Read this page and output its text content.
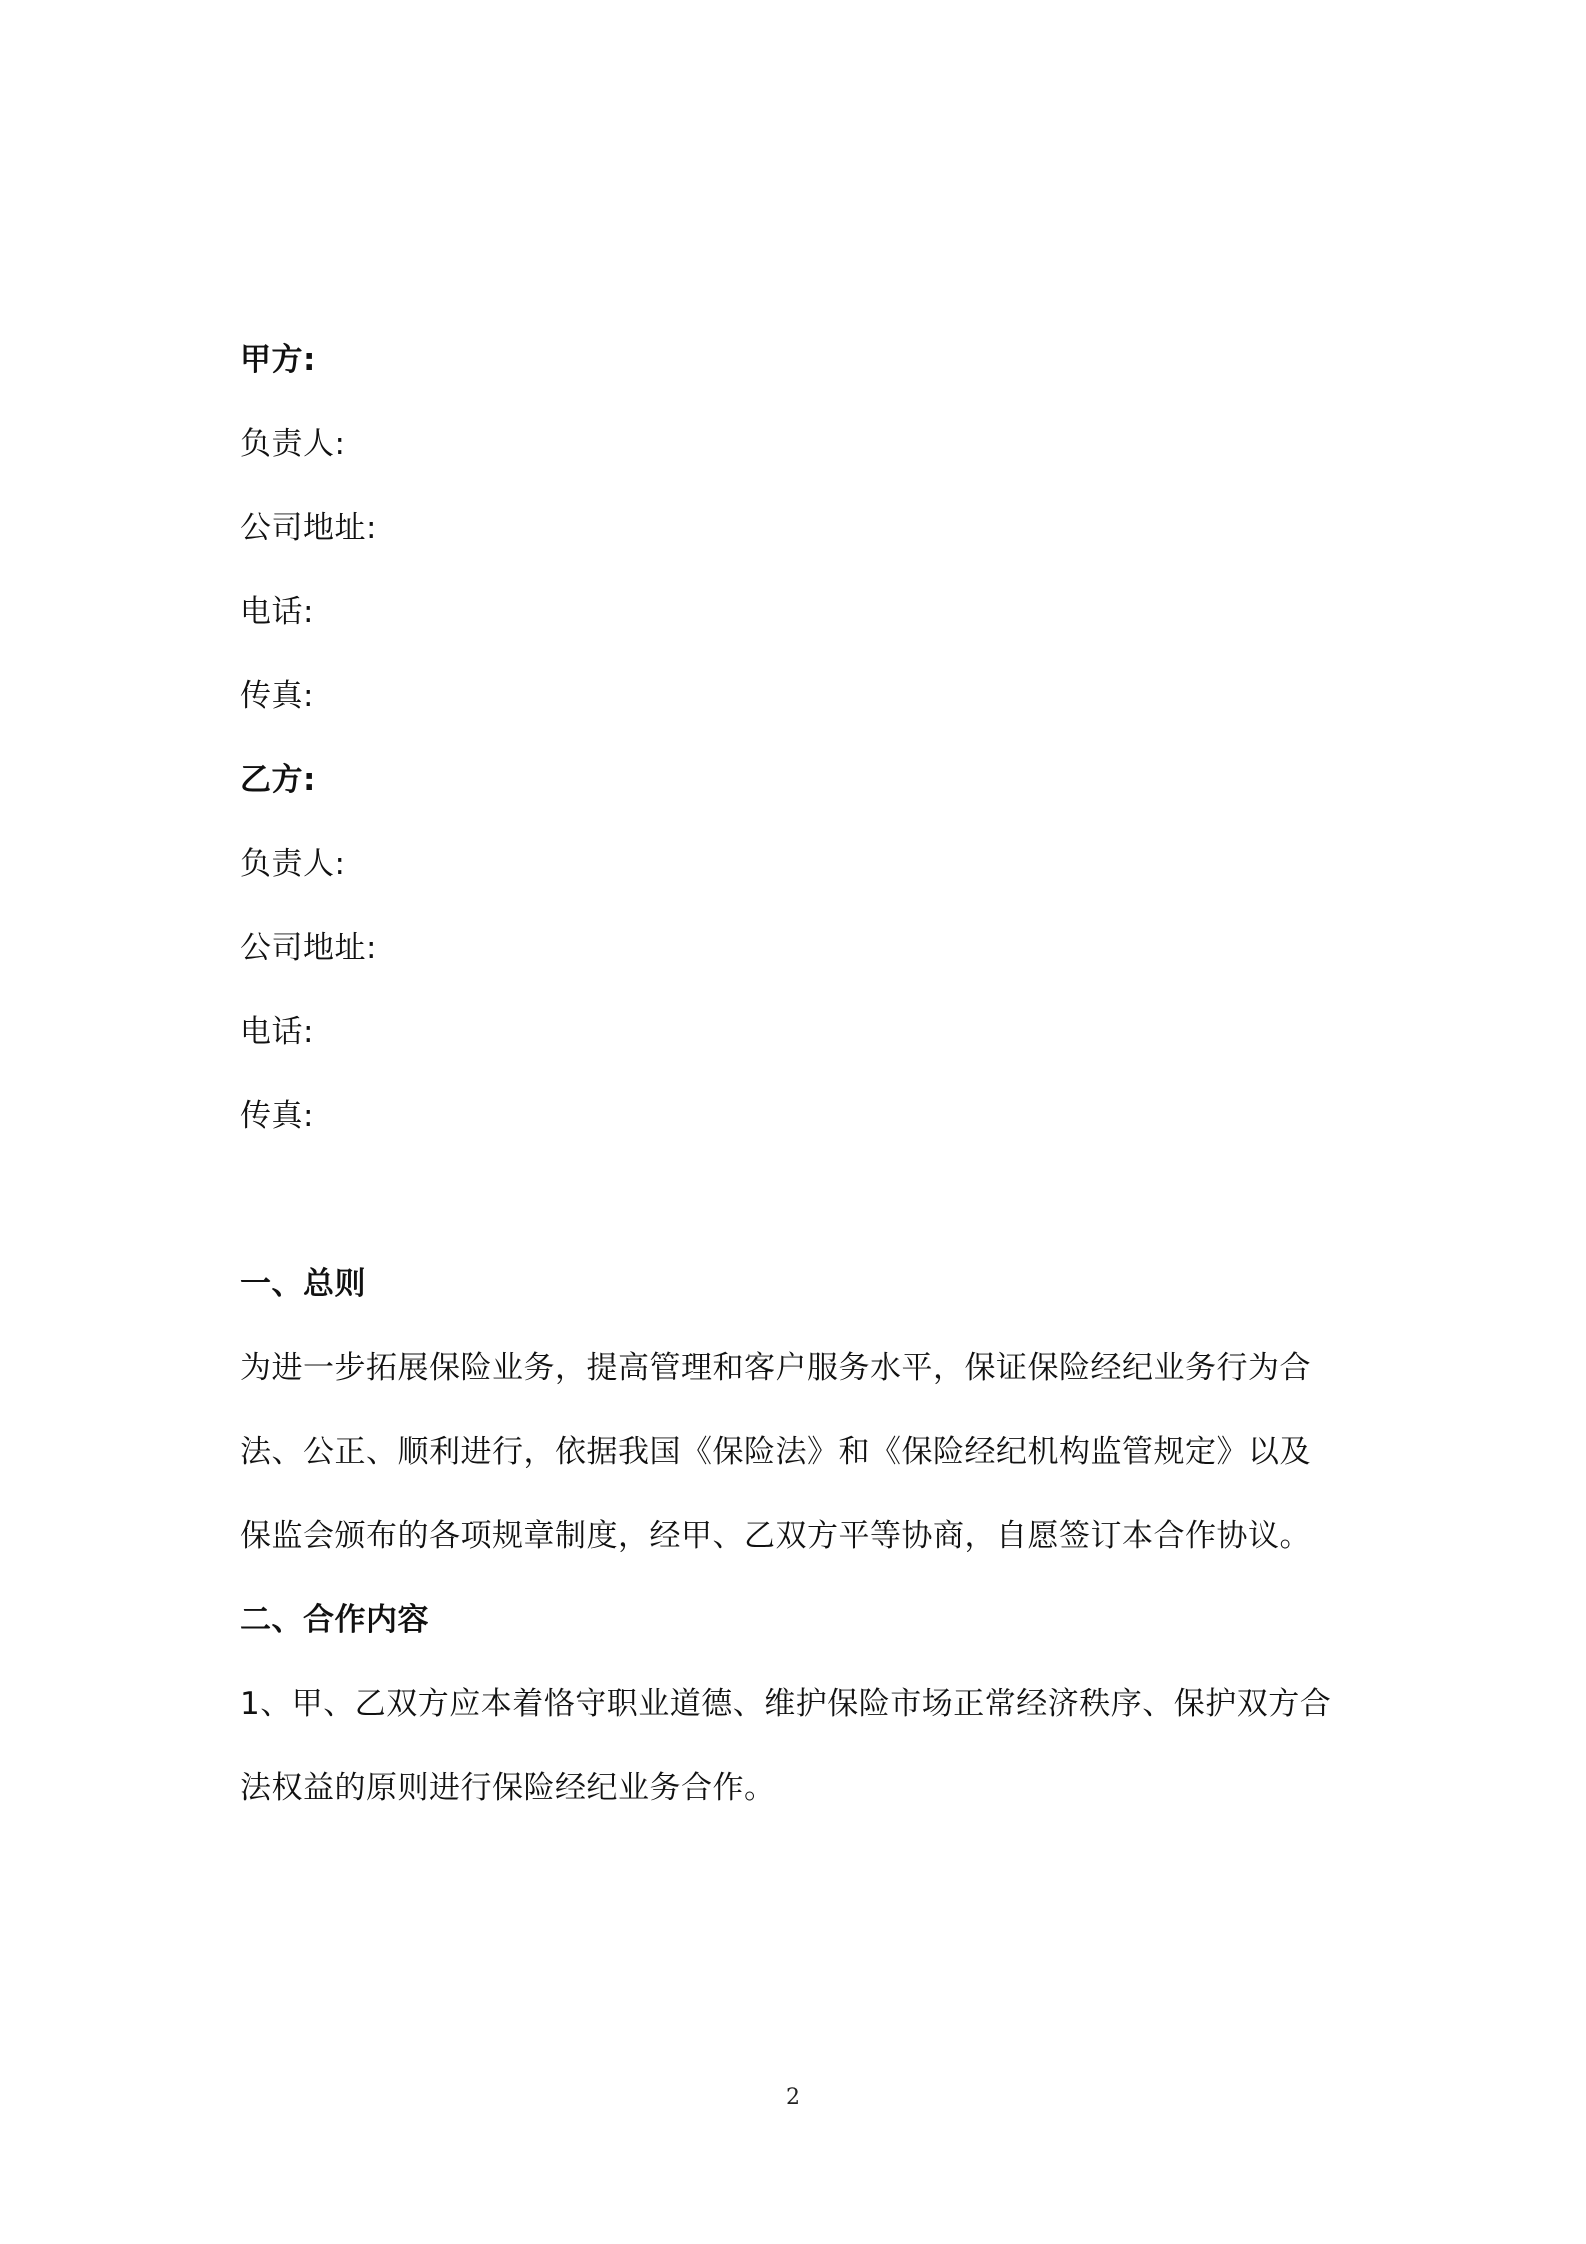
甲方:
负责人:
公司地址:
电话:
传真:
乙方:
负责人:
公司地址:
电话:
传真:
一、总则
为进一步拓展保险业务，提高管理和客户服务水平，保证保险经纪业务行为合
法、公正、顺利进行，依据我国《保险法》和《保险经纪机构监管规定》以及
保监会颁布的各项规章制度，经甲、乙双方平等协商，自愿签订本合作协议。
二、合作内容
1、甲、乙双方应本着恪守职业道德、维护保险市场正常经济秩序、保护双方合
法权益的原则进行保险经纪业务合作。
2
